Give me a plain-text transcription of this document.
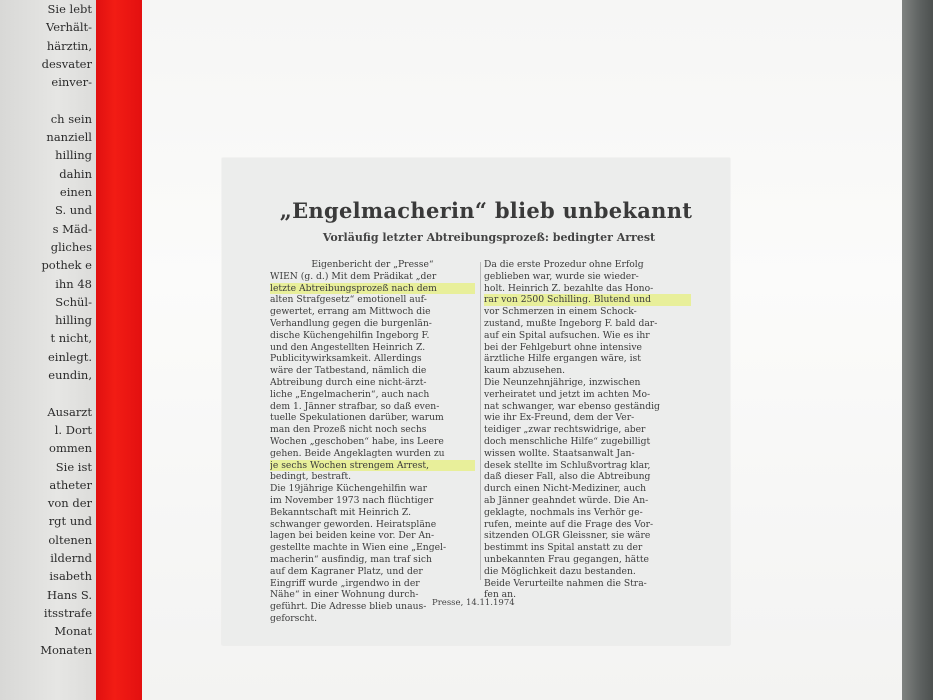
Sie lebt
Verhält-
härztin,
desvater
einver-
ch sein
nanziell
hilling
dahin
einen
S. und
s Mäd-
gliches
pothek e
ihn 48
Schül-
hilling
t nicht,
einlegt.
eundin,
Ausarzt
l. Dort
ommen
Sie ist
atheter
von der
rgt und
oltenen
ildernd
isabeth
Hans S.
itsstrafe
Monat
Monaten
„Engelmacherin“ blieb unbekannt
Vorläufig letzter Abtreibungsprozeß: bedingter Arrest
Eigenbericht der „Presse“
WIEN (g. d.) Mit dem Prädikat „der
letzte Abtreibungsprozeß nach dem
alten Strafgesetz“ emotionell auf-
gewertet, errang am Mittwoch die
Verhandlung gegen die burgenlän-
dische Küchengehilfin Ingeborg F.
und den Angestellten Heinrich Z.
Publicitywirksamkeit. Allerdings
wäre der Tatbestand, nämlich die
Abtreibung durch eine nicht-ärzt-
liche „Engelmacherin“, auch nach
dem 1. Jänner strafbar, so daß even-
tuelle Spekulationen darüber, warum
man den Prozeß nicht noch sechs
Wochen „geschoben“ habe, ins Leere
gehen. Beide Angeklagten wurden zu
je sechs Wochen strengem Arrest,
bedingt, bestraft.
Die 19jährige Küchengehilfin war
im November 1973 nach flüchtiger
Bekanntschaft mit Heinrich Z.
schwanger geworden. Heiratspläne
lagen bei beiden keine vor. Der An-
gestellte machte in Wien eine „Engel-
macherin“ ausfindig, man traf sich
auf dem Kagraner Platz, und der
Eingriff wurde „irgendwo in der
Nähe“ in einer Wohnung durch-
geführt. Die Adresse blieb unaus-
geforscht.
Da die erste Prozedur ohne Erfolg
geblieben war, wurde sie wieder-
holt. Heinrich Z. bezahlte das Hono-
rar von 2500 Schilling. Blutend und
vor Schmerzen in einem Schock-
zustand, mußte Ingeborg F. bald dar-
auf ein Spital aufsuchen. Wie es ihr
bei der Fehlgeburt ohne intensive
ärztliche Hilfe ergangen wäre, ist
kaum abzusehen.
Die Neunzehnjährige, inzwischen
verheiratet und jetzt im achten Mo-
nat schwanger, war ebenso geständig
wie ihr Ex-Freund, dem der Ver-
teidiger „zwar rechtswidrige, aber
doch menschliche Hilfe“ zugebilligt
wissen wollte. Staatsanwalt Jan-
desek stellte im Schlußvortrag klar,
daß dieser Fall, also die Abtreibung
durch einen Nicht-Mediziner, auch
ab Jänner geahndet würde. Die An-
geklagte, nochmals ins Verhör ge-
rufen, meinte auf die Frage des Vor-
sitzenden OLGR Gleissner, sie wäre
bestimmt ins Spital anstatt zu der
unbekannten Frau gegangen, hätte
die Möglichkeit dazu bestanden.
Beide Verurteilte nahmen die Stra-
fen an.
Presse, 14.11.1974
